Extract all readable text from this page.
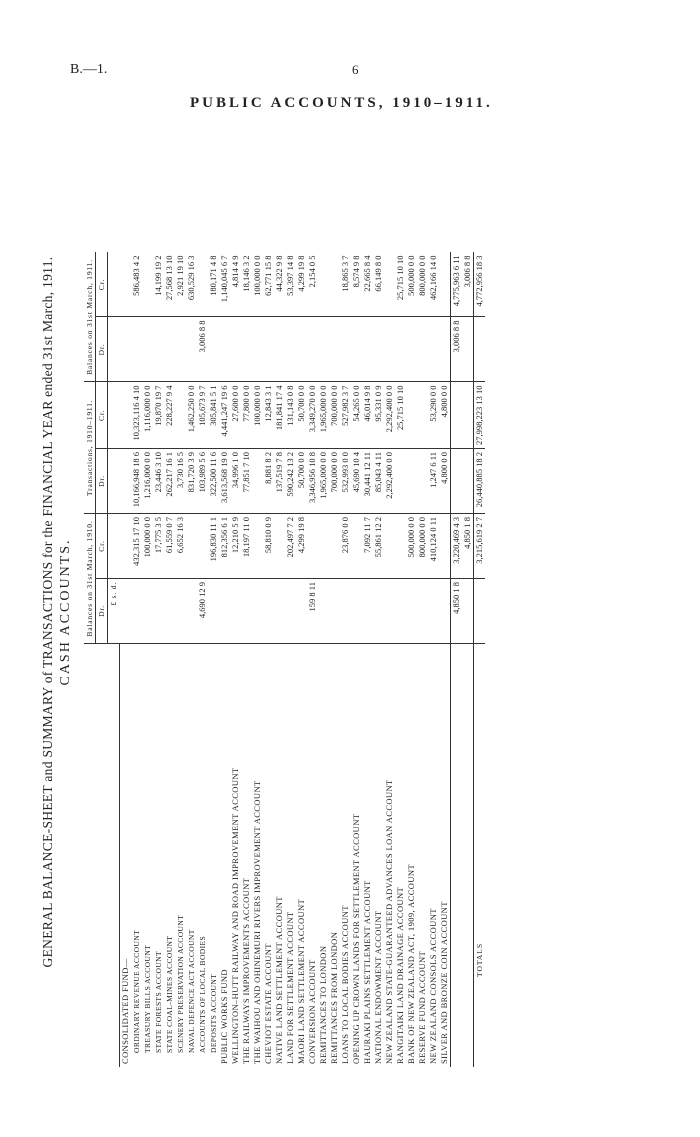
B.—1.	6
PUBLIC ACCOUNTS, 1910–1911.
GENERAL BALANCE-SHEET and SUMMARY of TRANSACTIONS for the FINANCIAL YEAR ended 31st March, 1911. CASH ACCOUNTS.
	Balances on 31st March, 1910.		Transactions, 1910–1911.		Balances on 31st March, 1911.	
	Dr.	Cr.	Dr.	Cr.	Dr.	Cr.
	£ s. d.					
CONSOLIDATED FUND—						
ORDINARY REVENUE ACCOUNT		432,315 17 10	10,166,948 18 6	10,323,116 4 10		586,483 4 2
TREASURY BILLS ACCOUNT		100,000 0 0	1,216,000 0 0	1,116,000 0 0		
STATE FORESTS ACCOUNT		17,775 3 5	23,446 3 10	19,870 19 7		14,199 19 2
STATE COAL-MINES ACCOUNT		61,559 0 7	262,217 16 1	228,227 9 4		27,568 13 10
SCENERY PRESERVATION ACCOUNT		6,652 16 3	3,730 16 5			2,921 19 10
NAVAL DEFENCE ACT ACCOUNT			831,720 3 9	1,462,250 0 0		630,529 16 3
ACCOUNTS OF LOCAL BODIES	4,690 12 9		103,989 5 6	105,673 9 7	3,006 8 8	
DEPOSITS ACCOUNT		196,830 11 1	322,500 11 6	305,841 5 1		180,171 4 8
PUBLIC WORKS FUND		812,356 6 1	3,613,568 19 0	4,441,247 19 6		1,140,045 6 7
WELLINGTON–HUTT RAILWAY AND ROAD IMPROVEMENT ACCOUNT		12,210 5 9	34,996 1 0	27,600 0 0		4,814 4 9
THE RAILWAYS IMPROVEMENTS ACCOUNT		18,197 11 0	77,851 7 10	77,800 0 0		18,146 3 2
THE WAIHOU AND OHINEMURI RIVERS IMPROVEMENT ACCOUNT				100,000 0 0		100,000 0 0
CHEVIOT ESTATE ACCOUNT		58,810 0 9	8,881 8 2	12,843 3 1		62,771 15 8
NATIVE LAND SETTLEMENT ACCOUNT			137,519 7 8	181,841 17 4		44,322 9 8
LAND FOR SETTLEMENT ACCOUNT		202,497 7 2	590,242 13 2	131,143 0 8		53,397 14 8
MAORI LAND SETTLEMENT ACCOUNT		4,299 19 8	50,700 0 0	50,700 0 0		4,299 19 8
CONVERSION ACCOUNT	159 8 11		3,346,956 10 8	3,349,270 0 0		2,154 0 5
REMITTANCES TO LONDON			1,965,000 0 0	1,965,000 0 0		
REMITTANCES FROM LONDON			700,000 0 0	700,000 0 0		
LOANS TO LOCAL BODIES ACCOUNT		23,876 0 0	532,993 0 0	527,982 3 7		18,865 3 7
OPENING UP CROWN LANDS FOR SETTLEMENT ACCOUNT			45,690 10 4	54,265 0 0		8,574 9 8
HAURAKI PLAINS SETTLEMENT ACCOUNT		7,092 11 7	30,441 12 11	46,014 9 8		22,665 8 4
NATIONAL ENDOWMENT ACCOUNT		55,861 12 2	85,043 4 11	95,331 0 9		66,149 8 0
NEW ZEALAND STATE-GUARANTEED ADVANCES LOAN ACCOUNT			2,292,400 0 0	2,292,400 0 0		
RANGITAIKI LAND DRAINAGE ACCOUNT				25,715 10 10		25,715 10 10
BANK OF NEW ZEALAND ACT, 1909, ACCOUNT		500,000 0 0				500,000 0 0
RESERVE FUND ACCOUNT		800,000 0 0				800,000 0 0
NEW ZEALAND CONSOLS ACCOUNT		410,124 0 11	1,247 6 11	53,290 0 0		462,166 14 0
SILVER AND BRONZE COIN ACCOUNT			4,800 0 0	4,800 0 0		
	4,850 1 8	3,220,469 4 3			3,006 8 8	4,775,963 6 11
		4,850 1 8				3,006 8 8
TOTALS		3,215,619 2 7	26,440,885 18 2	27,998,223 13 10		4,772,956 18 3
